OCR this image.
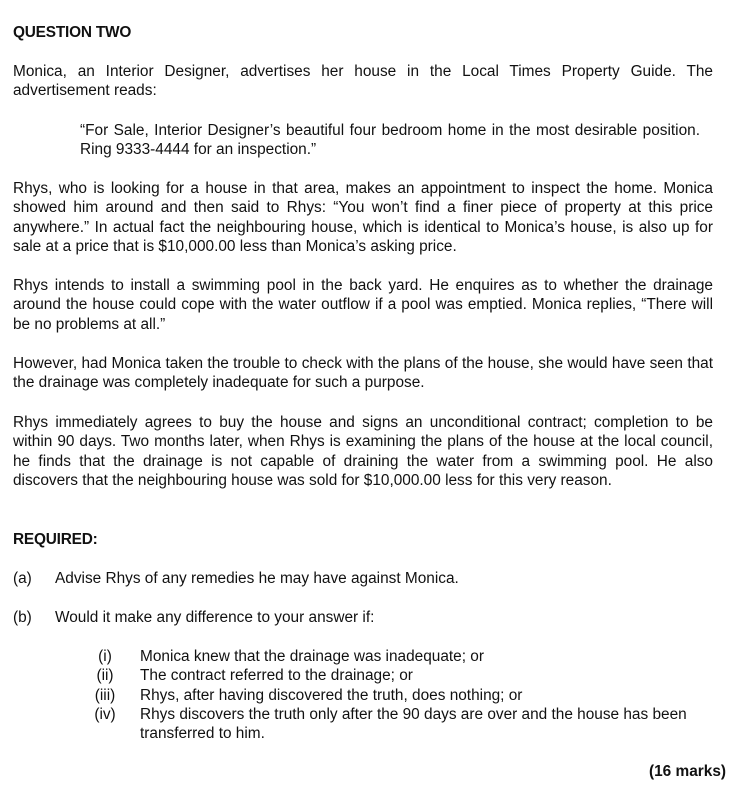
QUESTION TWO

Monica, an Interior Designer, advertises her house in the Local Times Property Guide. The advertisement reads:

“For Sale, Interior Designer’s beautiful four bedroom home in the most desirable position. Ring 9333-4444 for an inspection.”

Rhys, who is looking for a house in that area, makes an appointment to inspect the home. Monica showed him around and then said to Rhys: “You won’t find a finer piece of property at this price anywhere.” In actual fact the neighbouring house, which is identical to Monica’s house, is also up for sale at a price that is $10,000.00 less than Monica’s asking price.

Rhys intends to install a swimming pool in the back yard. He enquires as to whether the drainage around the house could cope with the water outflow if a pool was emptied. Monica replies, “There will be no problems at all.”

However, had Monica taken the trouble to check with the plans of the house, she would have seen that the drainage was completely inadequate for such a purpose.

Rhys immediately agrees to buy the house and signs an unconditional contract; completion to be within 90 days. Two months later, when Rhys is examining the plans of the house at the local council, he finds that the drainage is not capable of draining the water from a swimming pool. He also discovers that the neighbouring house was sold for $10,000.00 less for this very reason.

REQUIRED:
(a) Advise Rhys of any remedies he may have against Monica.
(b) Would it make any difference to your answer if:
(i)	Monica knew that the drainage was inadequate; or
(ii)	The contract referred to the drainage; or
(iii)	Rhys, after having discovered the truth, does nothing; or
(iv)	Rhys discovers the truth only after the 90 days are over and the house has been transferred to him.
(16 marks)
